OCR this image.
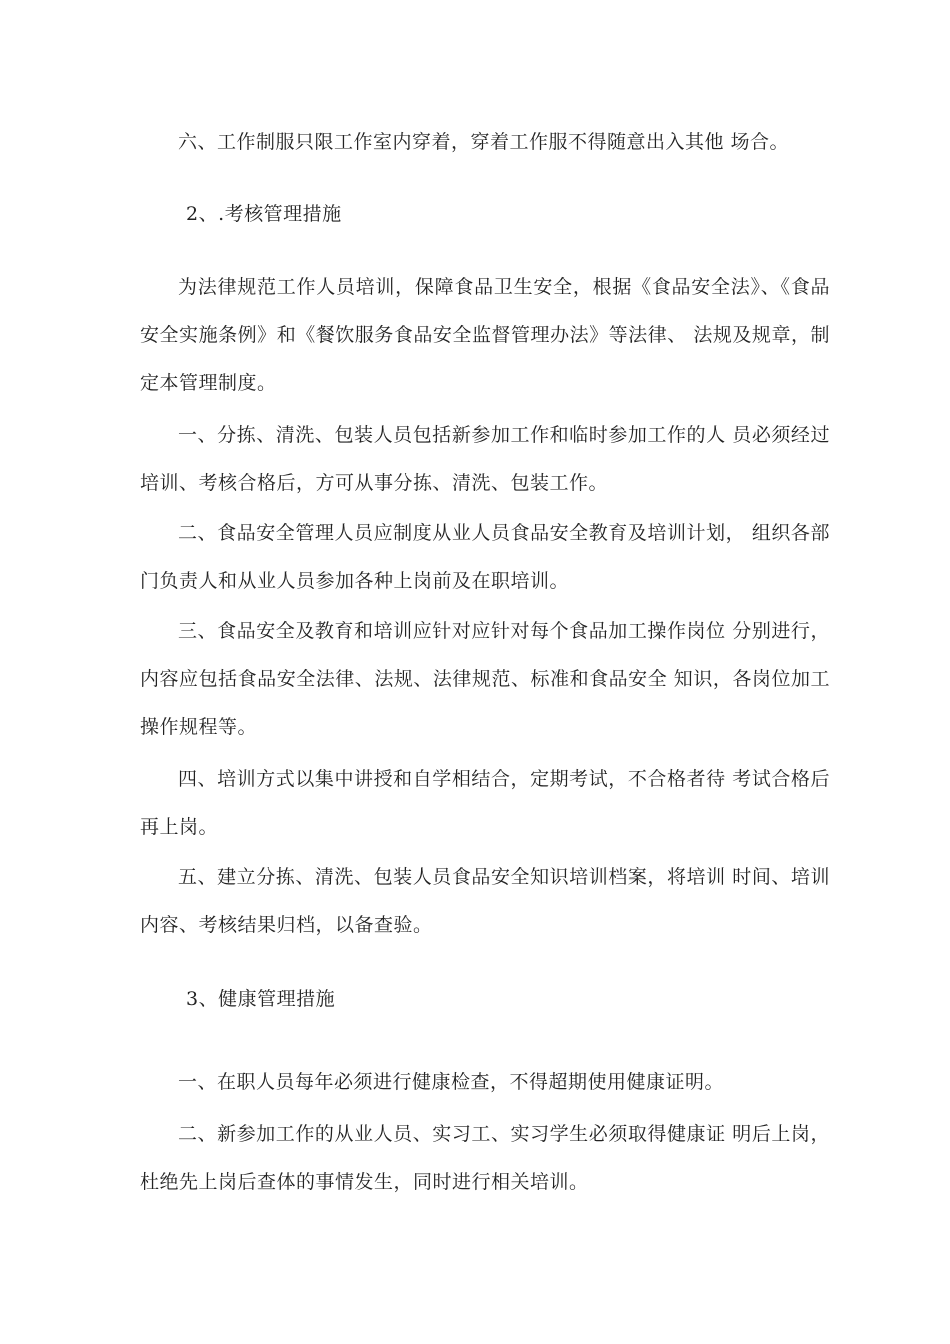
六、工作制服只限工作室内穿着，穿着工作服不得随意出入其他 场合。

2、.考核管理措施

为法律规范工作人员培训，保障食品卫生安全，根据《食品安全法》、《食品安全实施条例》和《餐饮服务食品安全监督管理办法》等法律、 法规及规章，制定本管理制度。

一、分拣、清洗、包装人员包括新参加工作和临时参加工作的人 员必须经过培训、考核合格后，方可从事分拣、清洗、包装工作。

二、食品安全管理人员应制度从业人员食品安全教育及培训计划， 组织各部门负责人和从业人员参加各种上岗前及在职培训。

三、食品安全及教育和培训应针对应针对每个食品加工操作岗位 分别进行，内容应包括食品安全法律、法规、法律规范、标准和食品安全 知识，各岗位加工操作规程等。

四、培训方式以集中讲授和自学相结合，定期考试，不合格者待 考试合格后再上岗。

五、建立分拣、清洗、包装人员食品安全知识培训档案，将培训 时间、培训内容、考核结果归档，以备查验。

3、健康管理措施

一、在职人员每年必须进行健康检查，不得超期使用健康证明。

二、新参加工作的从业人员、实习工、实习学生必须取得健康证 明后上岗，杜绝先上岗后查体的事情发生，同时进行相关培训。
